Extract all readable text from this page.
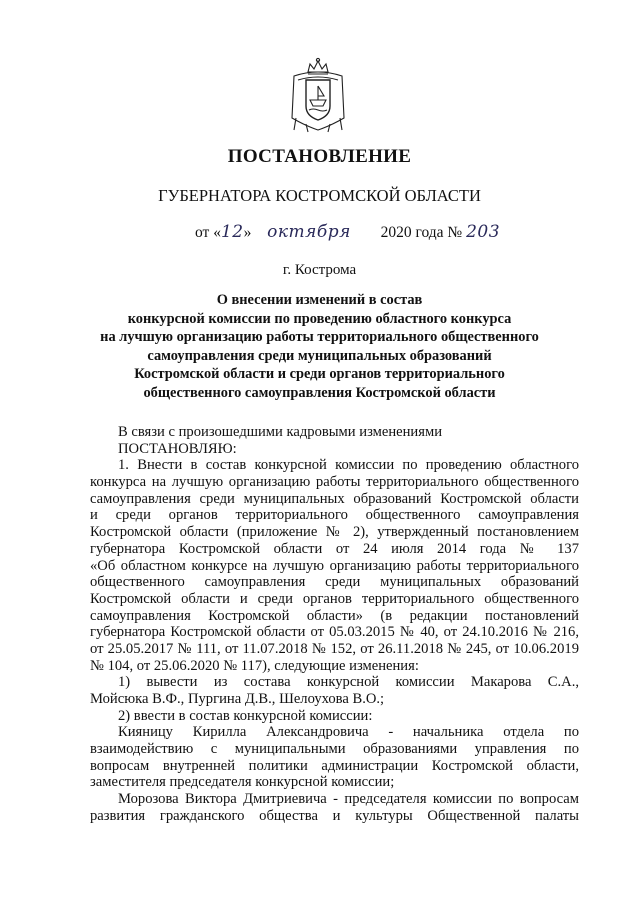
ПОСТАНОВЛЕНИЕ
ГУБЕРНАТОРА КОСТРОМСКОЙ ОБЛАСТИ
от «12» октября 2020 года № 203
г. Кострома
О внесении изменений в состав
конкурсной комиссии по проведению областного конкурса
на лучшую организацию работы территориального общественного
самоуправления среди муниципальных образований
Костромской области и среди органов территориального
общественного самоуправления Костромской области
В связи с произошедшими кадровыми изменениями
ПОСТАНОВЛЯЮ:
1. Внести в состав конкурсной комиссии по проведению областного
конкурса на лучшую организацию работы территориального общественного
самоуправления среди муниципальных образований Костромской области
и среди органов территориального общественного самоуправления
Костромской области (приложение № 2), утвержденный постановлением
губернатора Костромской области от 24 июля 2014 года № 137
«Об областном конкурсе на лучшую организацию работы территориального
общественного самоуправления среди муниципальных образований
Костромской области и среди органов территориального общественного
самоуправления Костромской области» (в редакции постановлений
губернатора Костромской области от 05.03.2015 № 40, от 24.10.2016 № 216,
от 25.05.2017 № 111, от 11.07.2018 № 152, от 26.11.2018 № 245, от 10.06.2019
№ 104, от 25.06.2020 № 117), следующие изменения:
1) вывести из состава конкурсной комиссии Макарова С.А.,
Мойсюка В.Ф., Пургина Д.В., Шелоухова В.О.;
2) ввести в состав конкурсной комиссии:
Кияницу Кирилла Александровича - начальника отдела по
взаимодействию с муниципальными образованиями управления по
вопросам внутренней политики администрации Костромской области,
заместителя председателя конкурсной комиссии;
Морозова Виктора Дмитриевича - председателя комиссии по вопросам
развития гражданского общества и культуры Общественной палаты
